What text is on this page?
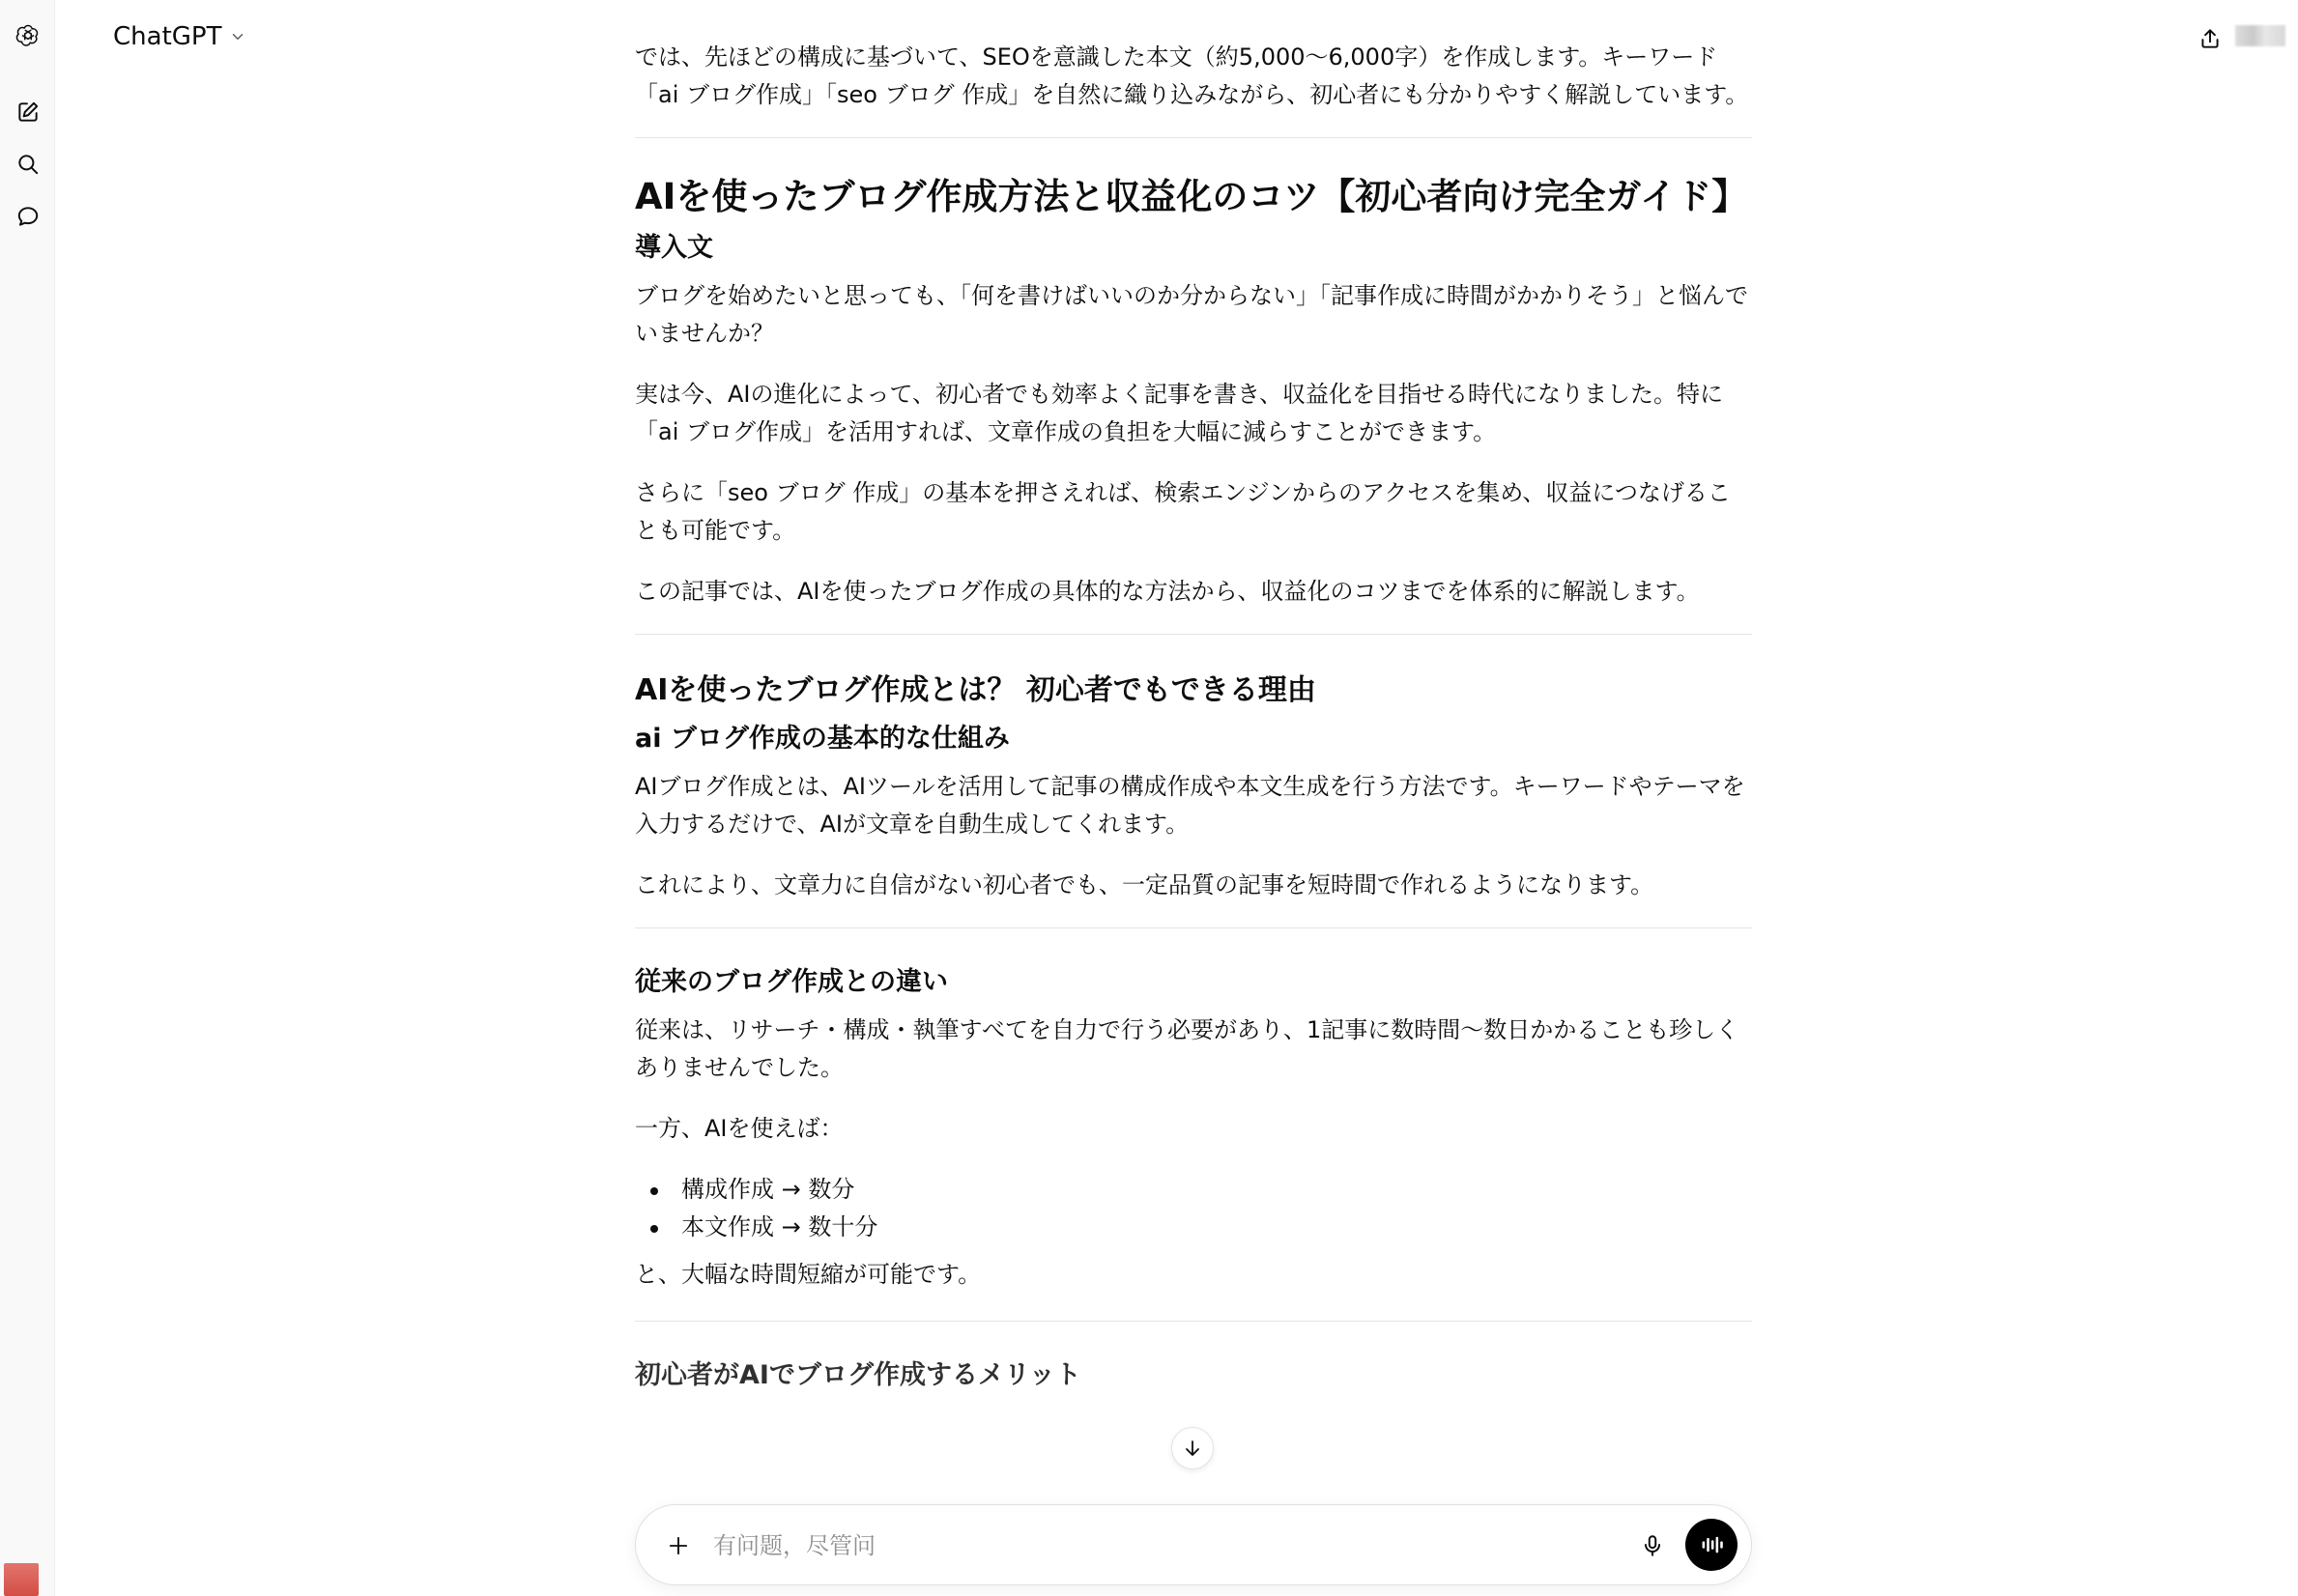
ChatGPT

では、先ほどの構成に基づいて、SEOを意識した本文（約5,000〜6,000字）を作成します。キーワード「ai ブログ作成」「seo ブログ 作成」を自然に織り込みながら、初心者にも分かりやすく解説しています。

AIを使ったブログ作成方法と収益化のコツ【初心者向け完全ガイド】
導入文

ブログを始めたいと思っても、「何を書けばいいのか分からない」「記事作成に時間がかかりそう」と悩んでいませんか？

実は今、AIの進化によって、初心者でも効率よく記事を書き、収益化を目指せる時代になりました。特に「ai ブログ作成」を活用すれば、文章作成の負担を大幅に減らすことができます。

さらに「seo ブログ 作成」の基本を押さえれば、検索エンジンからのアクセスを集め、収益につなげることも可能です。

この記事では、AIを使ったブログ作成の具体的な方法から、収益化のコツまでを体系的に解説します。

AIを使ったブログ作成とは？ 初心者でもできる理由
ai ブログ作成の基本的な仕組み

AIブログ作成とは、AIツールを活用して記事の構成作成や本文生成を行う方法です。キーワードやテーマを入力するだけで、AIが文章を自動生成してくれます。

これにより、文章力に自信がない初心者でも、一定品質の記事を短時間で作れるようになります。

従来のブログ作成との違い

従来は、リサーチ・構成・執筆すべてを自力で行う必要があり、1記事に数時間〜数日かかることも珍しくありませんでした。

一方、AIを使えば：

構成作成 → 数分
本文作成 → 数十分

と、大幅な時間短縮が可能です。

初心者がAIでブログ作成するメリット
有问题，尽管问
